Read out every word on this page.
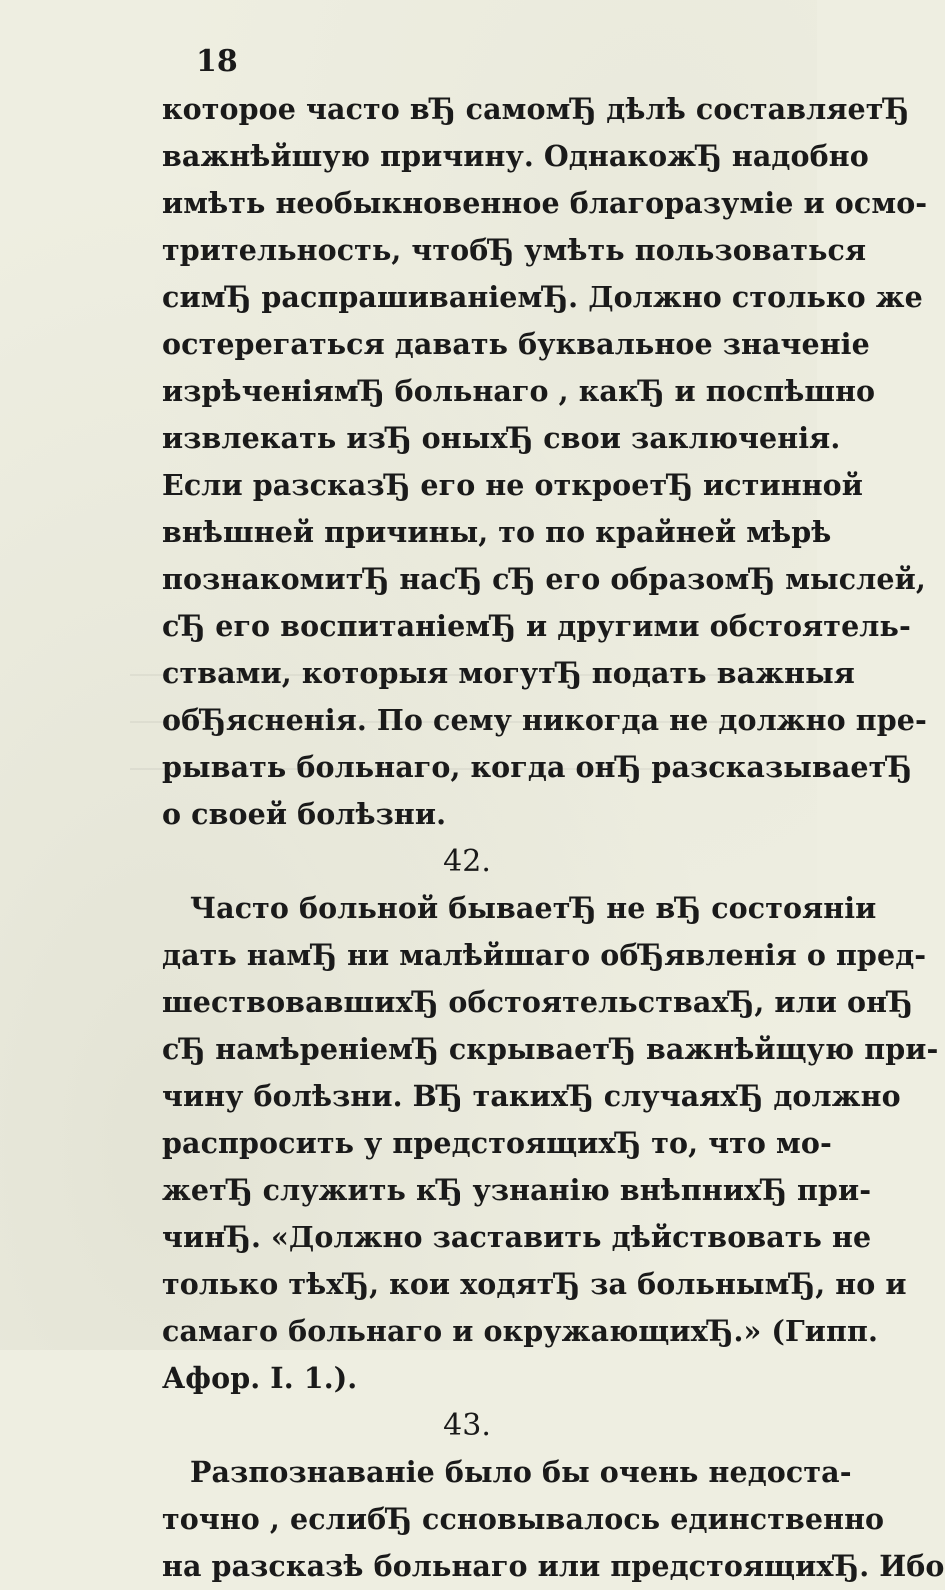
18
которое часто вЂ самомЂ дѣлѣ составляетЂ
важнѣйшую причину. ОднакожЂ надобно
имѣть необыкновенное благоразуміе и осмо-
трительность, чтобЂ умѣть пользоваться
симЂ распрашиваніемЂ. Должно столько же
остерегаться давать буквальное значеніе
изрѣченіямЂ больнаго , какЂ и поспѣшно
извлекать изЂ оныхЂ свои заключенія.
Если разсказЂ его не откроетЂ истинной
внѣшней причины, то по крайней мѣрѣ
познакомитЂ насЂ сЂ его образомЂ мыслей,
сЂ его воспитаніемЂ и другими обстоятель-
ствами, которыя могутЂ подать важныя
обЂясненія. По сему никогда не должно пре-
рывать больнаго, когда онЂ разсказываетЂ
о своей болѣзни.
42.
Часто больной бываетЂ не вЂ состояніи
дать намЂ ни малѣйшаго обЂявленія о пред-
шествовавшихЂ обстоятельствахЂ, или онЂ
сЂ намѣреніемЂ скрываетЂ важнѣйщую при-
чину болѣзни. ВЂ такихЂ случаяхЂ должно
распросить у предстоящихЂ то, что мо-
жетЂ служить кЂ узнанію внѣпнихЂ при-
чинЂ. «Должно заставить дѣйствовать не
только тѣхЂ, кои ходятЂ за больнымЂ, но и
самаго больнаго и окружающихЂ.» (Гипп.
Афор. I. 1.).
43.
Разпознаваніе было бы очень недоста-
точно , еслибЂ ссновывалось единственно
на разсказѣ больнаго или предстоящихЂ. Ибо
